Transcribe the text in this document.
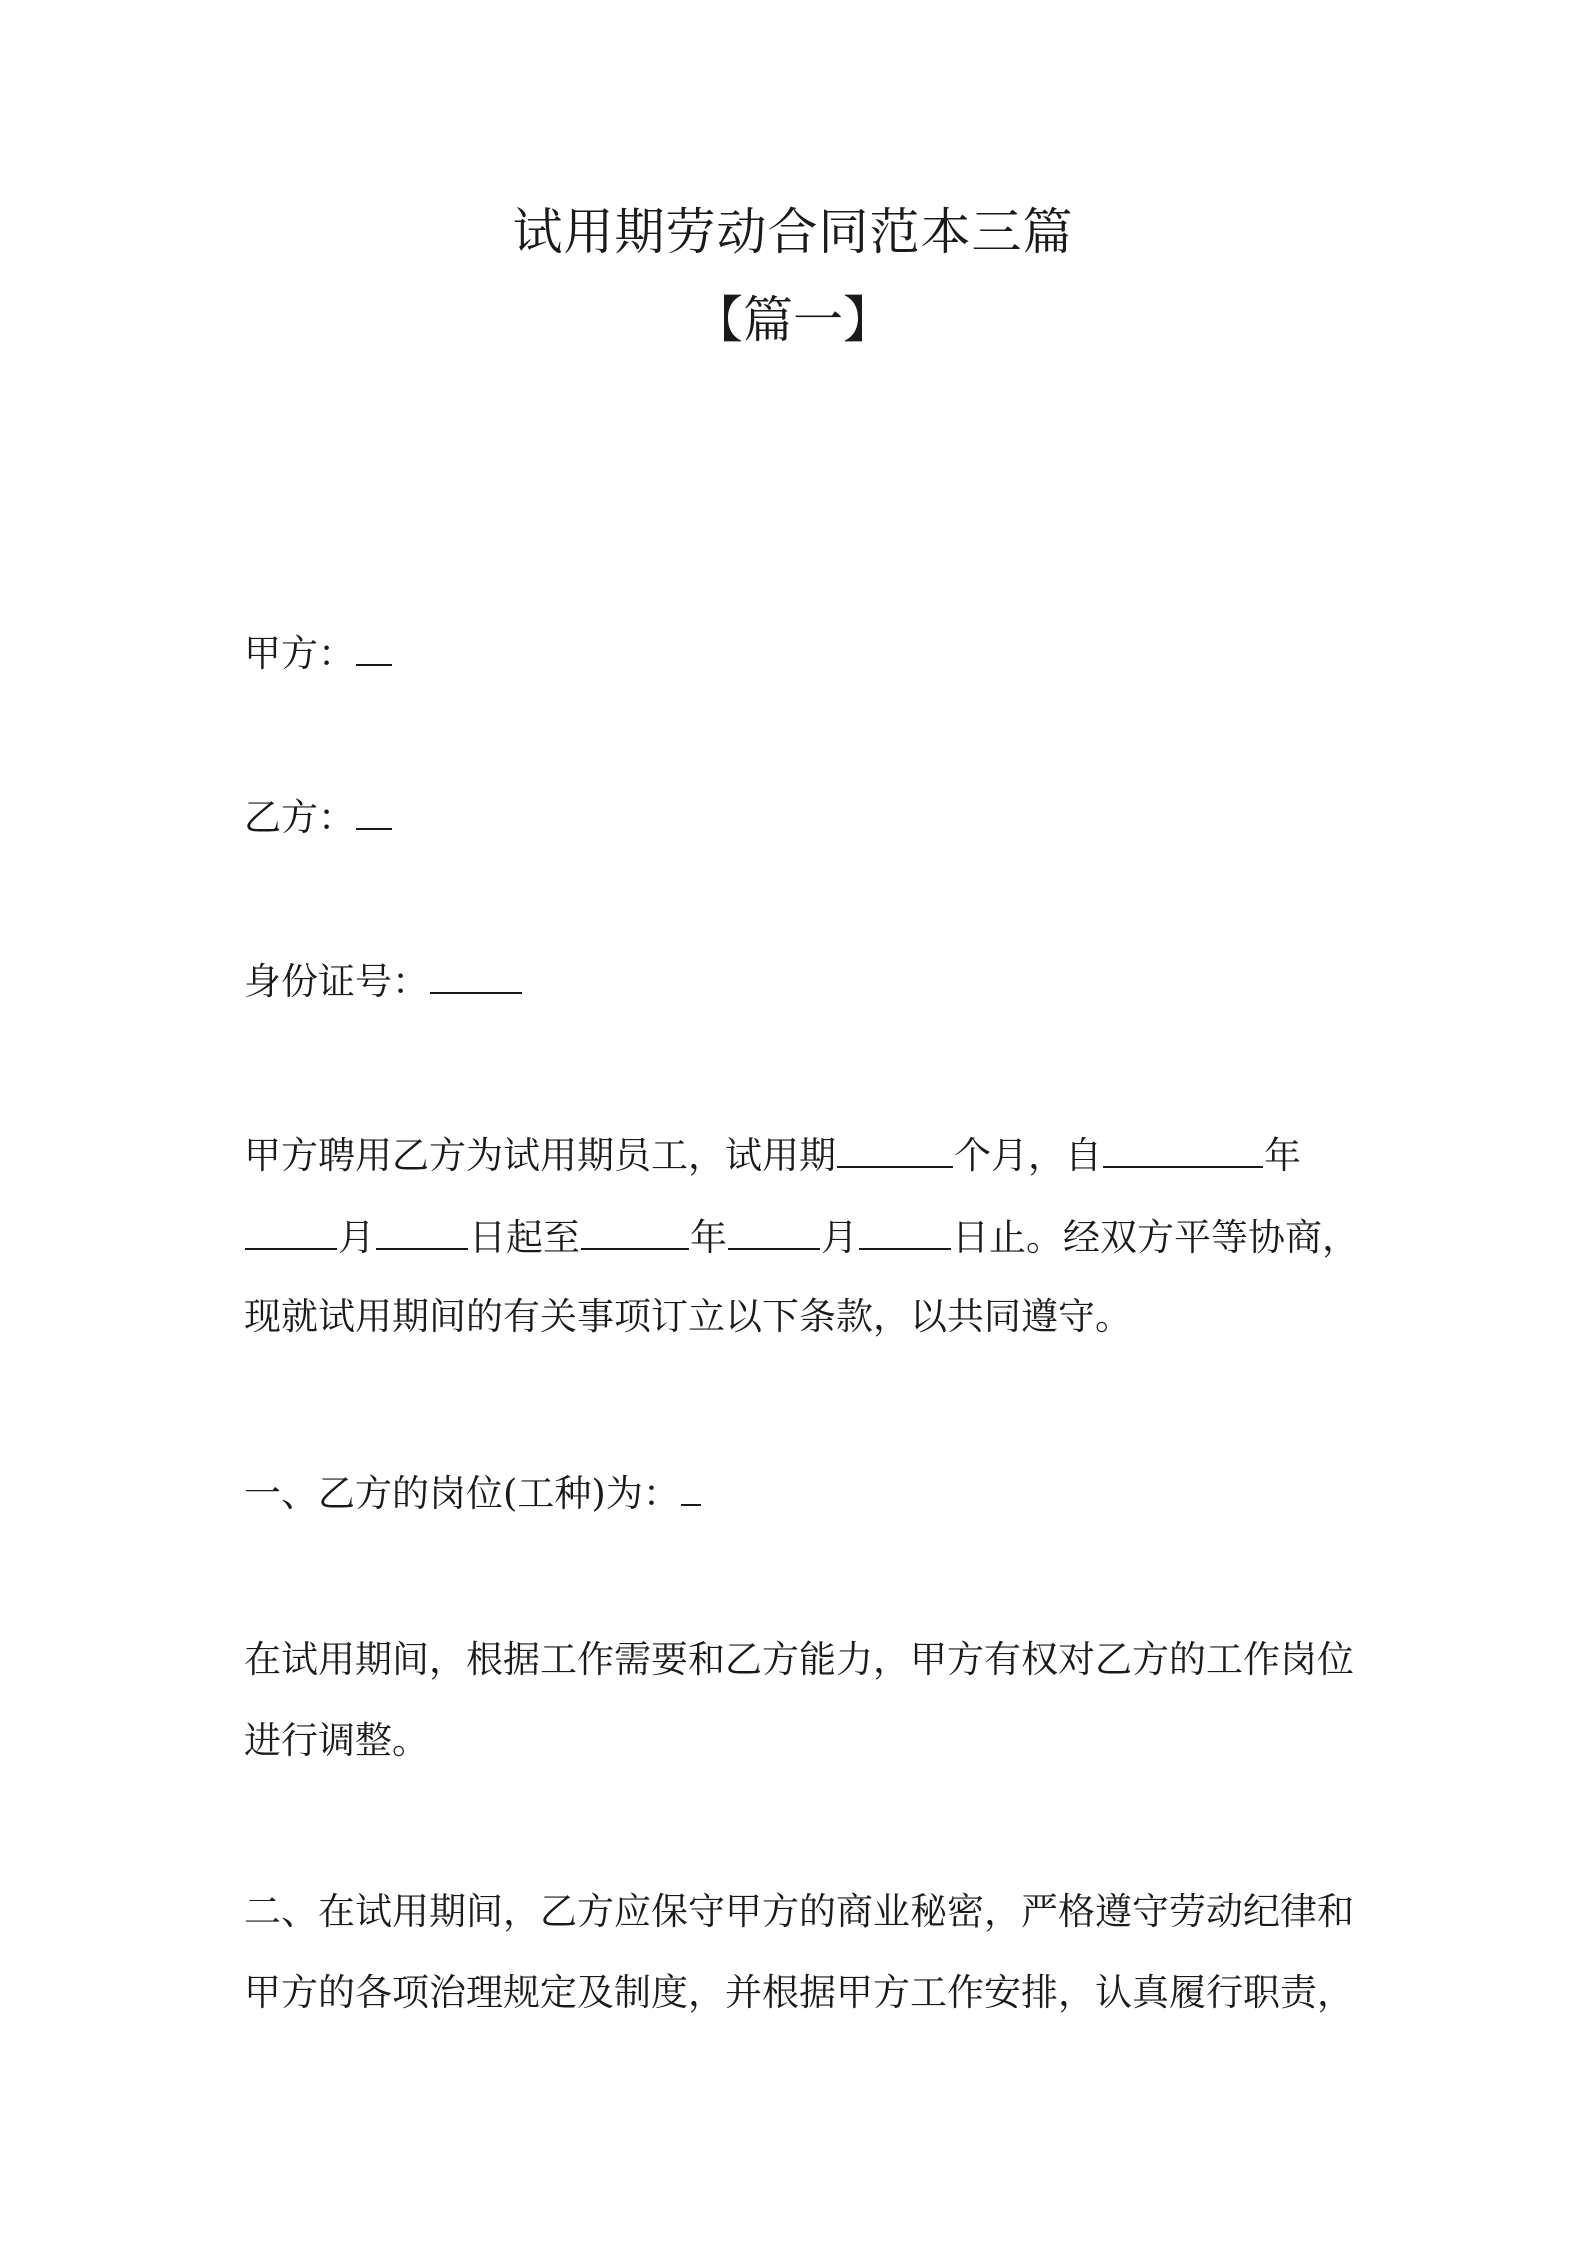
试用期劳动合同范本三篇
【篇一】
甲方：
乙方：
身份证号：
甲方聘用乙方为试用期员工，试用期	个月，自	年
月	日起至	年	月	日止。经双方平等协商，
现就试用期间的有关事项订立以下条款，以共同遵守。
一、乙方的岗位(工种)为：
在试用期间，根据工作需要和乙方能力，甲方有权对乙方的工作岗位
进行调整。
二、在试用期间，乙方应保守甲方的商业秘密，严格遵守劳动纪律和
甲方的各项治理规定及制度，并根据甲方工作安排，认真履行职责，
